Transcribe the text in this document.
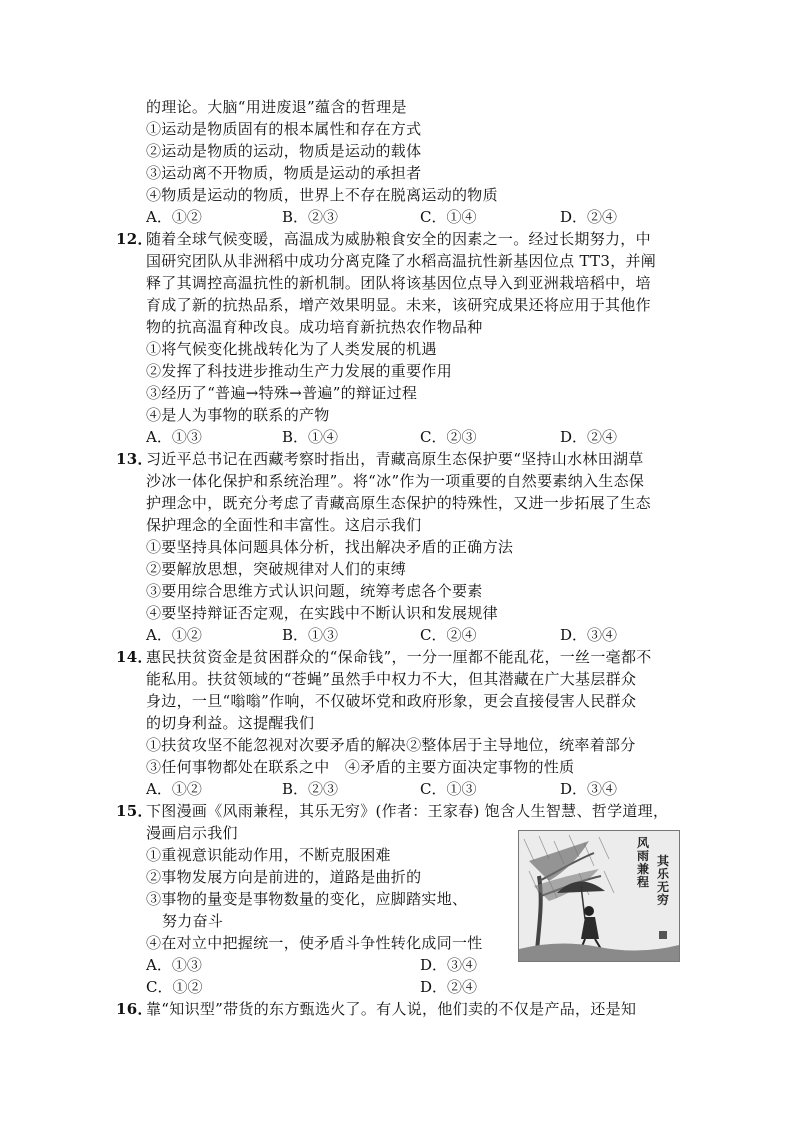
的理论。大脑“用进废退”蕴含的哲理是
①运动是物质固有的根本属性和存在方式
②运动是物质的运动，物质是运动的载体
③运动离不开物质，物质是运动的承担者
④物质是运动的物质，世界上不存在脱离运动的物质
A．①②	B．②③	C．①④	D．②④
12．
随着全球气候变暖，高温成为威胁粮食安全的因素之一。经过长期努力，中
国研究团队从非洲稻中成功分离克隆了水稻高温抗性新基因位点 TT3，并阐
释了其调控高温抗性的新机制。团队将该基因位点导入到亚洲栽培稻中，培
育成了新的抗热品系，增产效果明显。未来，该研究成果还将应用于其他作
物的抗高温育种改良。成功培育新抗热农作物品种
①将气候变化挑战转化为了人类发展的机遇
②发挥了科技进步推动生产力发展的重要作用
③经历了“普遍→特殊→普遍”的辩证过程
④是人为事物的联系的产物
A．①③	B．①④	C．②③	D．②④
13．
习近平总书记在西藏考察时指出，青藏高原生态保护要“坚持山水林田湖草
沙冰一体化保护和系统治理”。将“冰”作为一项重要的自然要素纳入生态保
护理念中，既充分考虑了青藏高原生态保护的特殊性，又进一步拓展了生态
保护理念的全面性和丰富性。这启示我们
①要坚持具体问题具体分析，找出解决矛盾的正确方法
②要解放思想，突破规律对人们的束缚
③要用综合思维方式认识问题，统筹考虑各个要素
④要坚持辩证否定观，在实践中不断认识和发展规律
A．①②	B．①③	C．②④	D．③④
14．
惠民扶贫资金是贫困群众的“保命钱”，一分一厘都不能乱花，一丝一毫都不
能私用。扶贫领域的“苍蝇”虽然手中权力不大，但其潜藏在广大基层群众
身边，一旦“嗡嗡”作响，不仅破坏党和政府形象，更会直接侵害人民群众
的切身利益。这提醒我们
①扶贫攻坚不能忽视对次要矛盾的解决②整体居于主导地位，统率着部分
③任何事物都处在联系之中　④矛盾的主要方面决定事物的性质
A．①②	B．②③	C．①③	D．③④
15．
下图漫画《风雨兼程，其乐无穷》(作者：王家春) 饱含人生智慧、哲学道理，
漫画启示我们
①重视意识能动作用，不断克服困难
②事物发展方向是前进的，道路是曲折的
③事物的量变是事物数量的变化，应脚踏实地、
努力奋斗
④在对立中把握统一，使矛盾斗争性转化成同一性
A．①③	D．③④
C．①②	D．②④
风雨兼程
其乐无穷
16．
靠“知识型”带货的东方甄选火了。有人说，他们卖的不仅是产品，还是知
